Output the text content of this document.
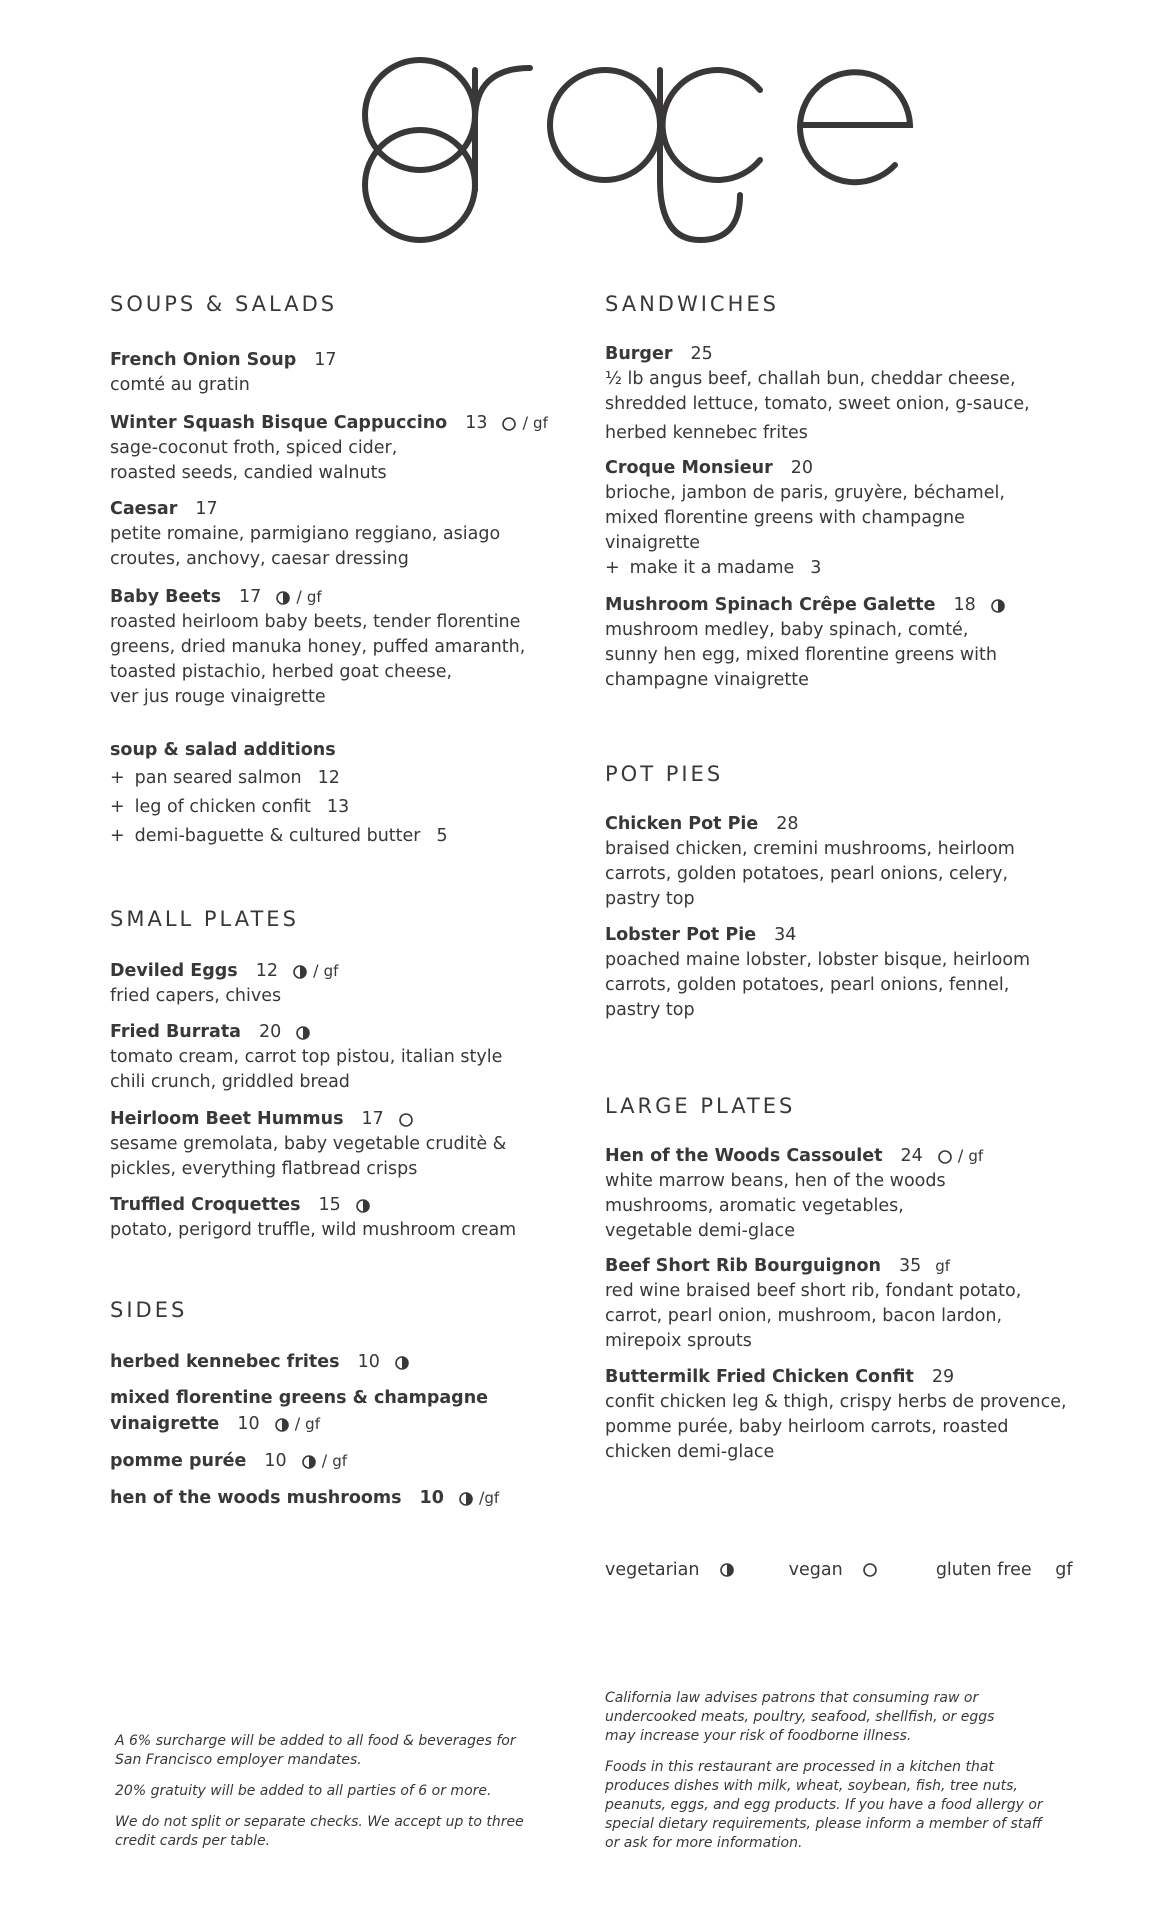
SOUPS & SALADS
French Onion Soup 17
comté au gratin
Winter Squash Bisque Cappuccino 13 / gf
sage-coconut froth, spiced cider,
roasted seeds, candied walnuts
Caesar 17
petite romaine, parmigiano reggiano, asiago
croutes, anchovy, caesar dressing
Baby Beets 17 / gf
roasted heirloom baby beets, tender florentine
greens, dried manuka honey, puffed amaranth,
toasted pistachio, herbed goat cheese,
ver jus rouge vinaigrette
soup & salad additions
+ pan seared salmon 12
+ leg of chicken confit 13
+ demi-baguette & cultured butter 5
SMALL PLATES
Deviled Eggs 12 / gf
fried capers, chives
Fried Burrata 20
tomato cream, carrot top pistou, italian style
chili crunch, griddled bread
Heirloom Beet Hummus 17
sesame gremolata, baby vegetable cruditè &
pickles, everything flatbread crisps
Truffled Croquettes 15
potato, perigord truffle, wild mushroom cream
SIDES
herbed kennebec frites 10
mixed florentine greens & champagne
vinaigrette 10 / gf
pomme purée 10 / gf
hen of the woods mushrooms 10 /gf

A 6% surcharge will be added to all food & beverages for
San Francisco employer mandates.

20% gratuity will be added to all parties of 6 or more.

We do not split or separate checks. We accept up to three
credit cards per table.

SANDWICHES
Burger 25
½ lb angus beef, challah bun, cheddar cheese,
shredded lettuce, tomato, sweet onion, g-sauce,
herbed kennebec frites
Croque Monsieur 20
brioche, jambon de paris, gruyère, béchamel,
mixed florentine greens with champagne
vinaigrette
+ make it a madame 3
Mushroom Spinach Crêpe Galette 18
mushroom medley, baby spinach, comté,
sunny hen egg, mixed florentine greens with
champagne vinaigrette
POT PIES
Chicken Pot Pie 28
braised chicken, cremini mushrooms, heirloom
carrots, golden potatoes, pearl onions, celery,
pastry top
Lobster Pot Pie 34
poached maine lobster, lobster bisque, heirloom
carrots, golden potatoes, pearl onions, fennel,
pastry top
LARGE PLATES
Hen of the Woods Cassoulet 24 / gf
white marrow beans, hen of the woods
mushrooms, aromatic vegetables,
vegetable demi-glace
Beef Short Rib Bourguignon 35 gf
red wine braised beef short rib, fondant potato,
carrot, pearl onion, mushroom, bacon lardon,
mirepoix sprouts
Buttermilk Fried Chicken Confit 29
confit chicken leg & thigh, crispy herbs de provence,
pomme purée, baby heirloom carrots, roasted
chicken demi-glace

California law advises patrons that consuming raw or
undercooked meats, poultry, seafood, shellfish, or eggs
may increase your risk of foodborne illness.

Foods in this restaurant are processed in a kitchen that
produces dishes with milk, wheat, soybean, fish, tree nuts,
peanuts, eggs, and egg products. If you have a food allergy or
special dietary requirements, please inform a member of staff
or ask for more information.

vegetarian	vegan	gluten free gf
